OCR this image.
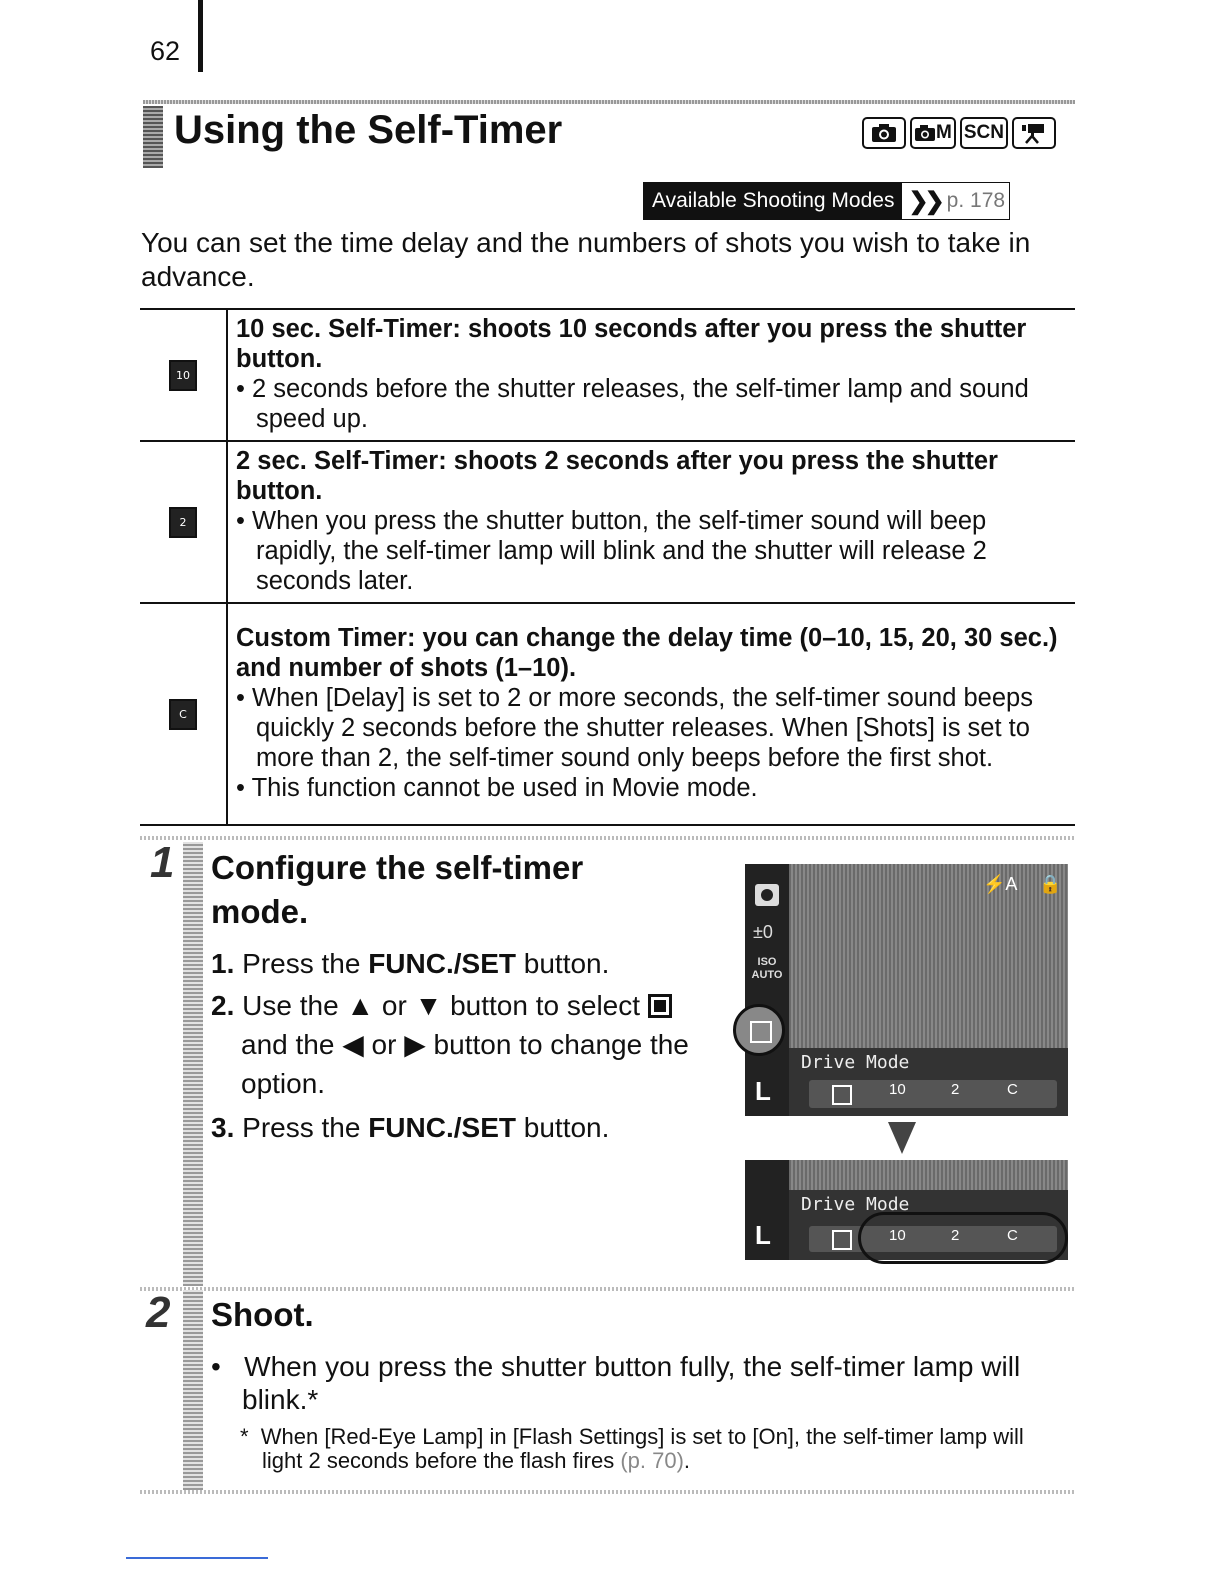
62
Using the Self-Timer	M SCN
Available Shooting Modes ❯❯ p. 178
You can set the time delay and the numbers of shots you wish to take in advance.
10	10 sec. Self-Timer: shoots 10 seconds after you press the shutter button.
• 2 seconds before the shutter releases, the self-timer lamp and sound speed up.

2	2 sec. Self-Timer: shoots 2 seconds after you press the shutter button.
• When you press the shutter button, the self-timer sound will beep rapidly, the self-timer lamp will blink and the shutter will release 2 seconds later.

C	Custom Timer: you can change the delay time (0–10, 15, 20, 30 sec.) and number of shots (1–10).
• When [Delay] is set to 2 or more seconds, the self-timer sound beeps quickly 2 seconds before the shutter releases. When [Shots] is set to more than 2, the self-timer sound only beeps before the first shot.
• This function cannot be used in Movie mode.
1 Configure the self-timer mode.
1. Press the FUNC./SET button.
2. Use the ▲ or ▼ button to select
and the ◀ or ▶ button to change the option.
3. Press the FUNC./SET button.
±0
ISO AUTO
L
⚡A 🔒
Drive Mode
10	2	C
L
Drive Mode
10	2	C
2 Shoot.
•   When you press the shutter button fully, the self-timer lamp will blink.*
* When [Red-Eye Lamp] in [Flash Settings] is set to [On], the self-timer lamp will light 2 seconds before the flash fires (p. 70).
